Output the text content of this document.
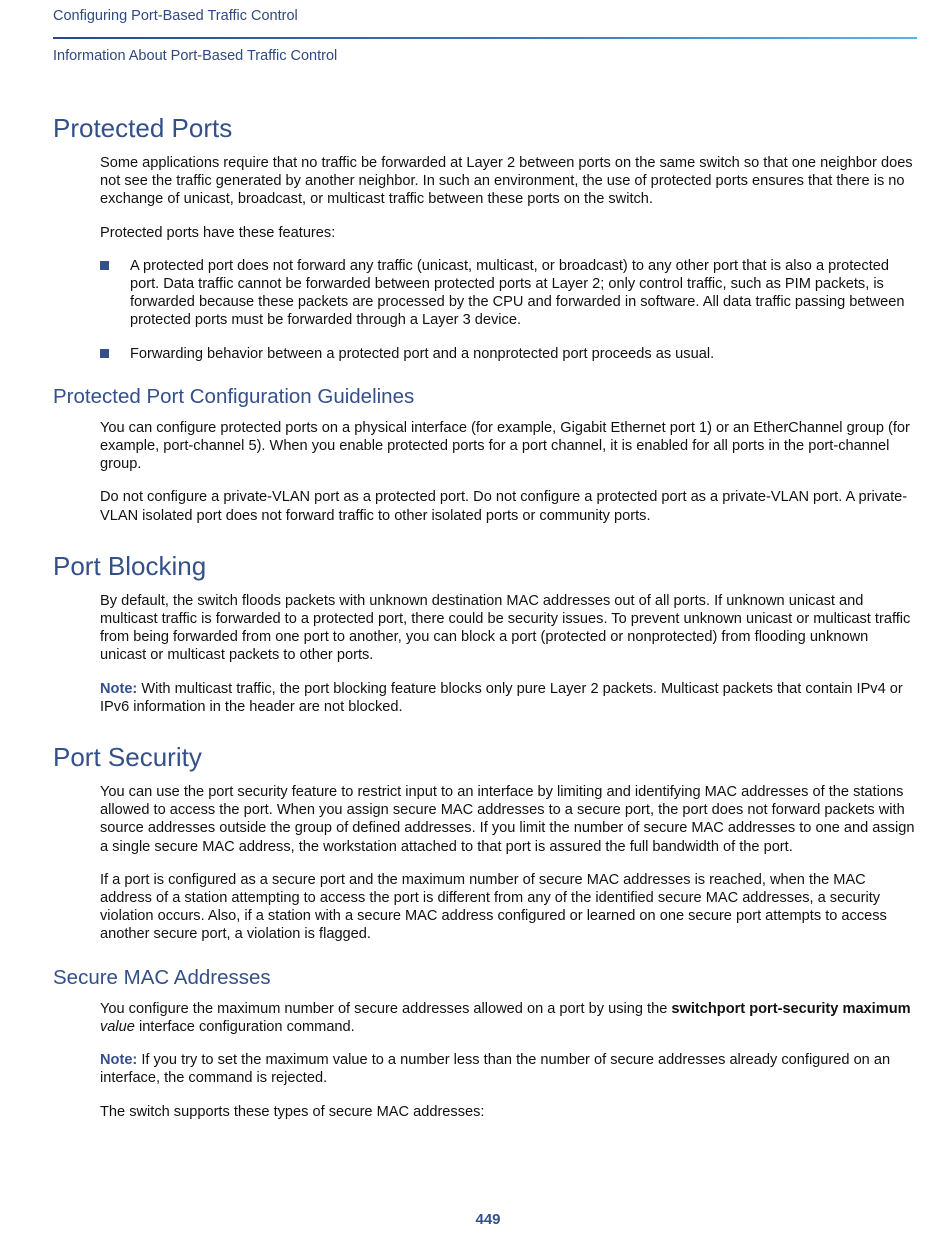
Configuring Port-Based Traffic Control
Information About Port-Based Traffic Control
Protected Ports

Some applications require that no traffic be forwarded at Layer 2 between ports on the same switch so that one neighbor does not see the traffic generated by another neighbor. In such an environment, the use of protected ports ensures that there is no exchange of unicast, broadcast, or multicast traffic between these ports on the switch.

Protected ports have these features:

A protected port does not forward any traffic (unicast, multicast, or broadcast) to any other port that is also a protected port. Data traffic cannot be forwarded between protected ports at Layer 2; only control traffic, such as PIM packets, is forwarded because these packets are processed by the CPU and forwarded in software. All data traffic passing between protected ports must be forwarded through a Layer 3 device.
Forwarding behavior between a protected port and a nonprotected port proceeds as usual.
Protected Port Configuration Guidelines

You can configure protected ports on a physical interface (for example, Gigabit Ethernet port 1) or an EtherChannel group (for example, port-channel 5). When you enable protected ports for a port channel, it is enabled for all ports in the port-channel group.

Do not configure a private-VLAN port as a protected port. Do not configure a protected port as a private-VLAN port. A private-VLAN isolated port does not forward traffic to other isolated ports or community ports.

Port Blocking

By default, the switch floods packets with unknown destination MAC addresses out of all ports. If unknown unicast and multicast traffic is forwarded to a protected port, there could be security issues. To prevent unknown unicast or multicast traffic from being forwarded from one port to another, you can block a port (protected or nonprotected) from flooding unknown unicast or multicast packets to other ports.

Note: With multicast traffic, the port blocking feature blocks only pure Layer 2 packets. Multicast packets that contain IPv4 or IPv6 information in the header are not blocked.

Port Security

You can use the port security feature to restrict input to an interface by limiting and identifying MAC addresses of the stations allowed to access the port. When you assign secure MAC addresses to a secure port, the port does not forward packets with source addresses outside the group of defined addresses. If you limit the number of secure MAC addresses to one and assign a single secure MAC address, the workstation attached to that port is assured the full bandwidth of the port.

If a port is configured as a secure port and the maximum number of secure MAC addresses is reached, when the MAC address of a station attempting to access the port is different from any of the identified secure MAC addresses, a security violation occurs. Also, if a station with a secure MAC address configured or learned on one secure port attempts to access another secure port, a violation is flagged.

Secure MAC Addresses

You configure the maximum number of secure addresses allowed on a port by using the switchport port-security maximum value interface configuration command.

Note: If you try to set the maximum value to a number less than the number of secure addresses already configured on an interface, the command is rejected.

The switch supports these types of secure MAC addresses:

449
